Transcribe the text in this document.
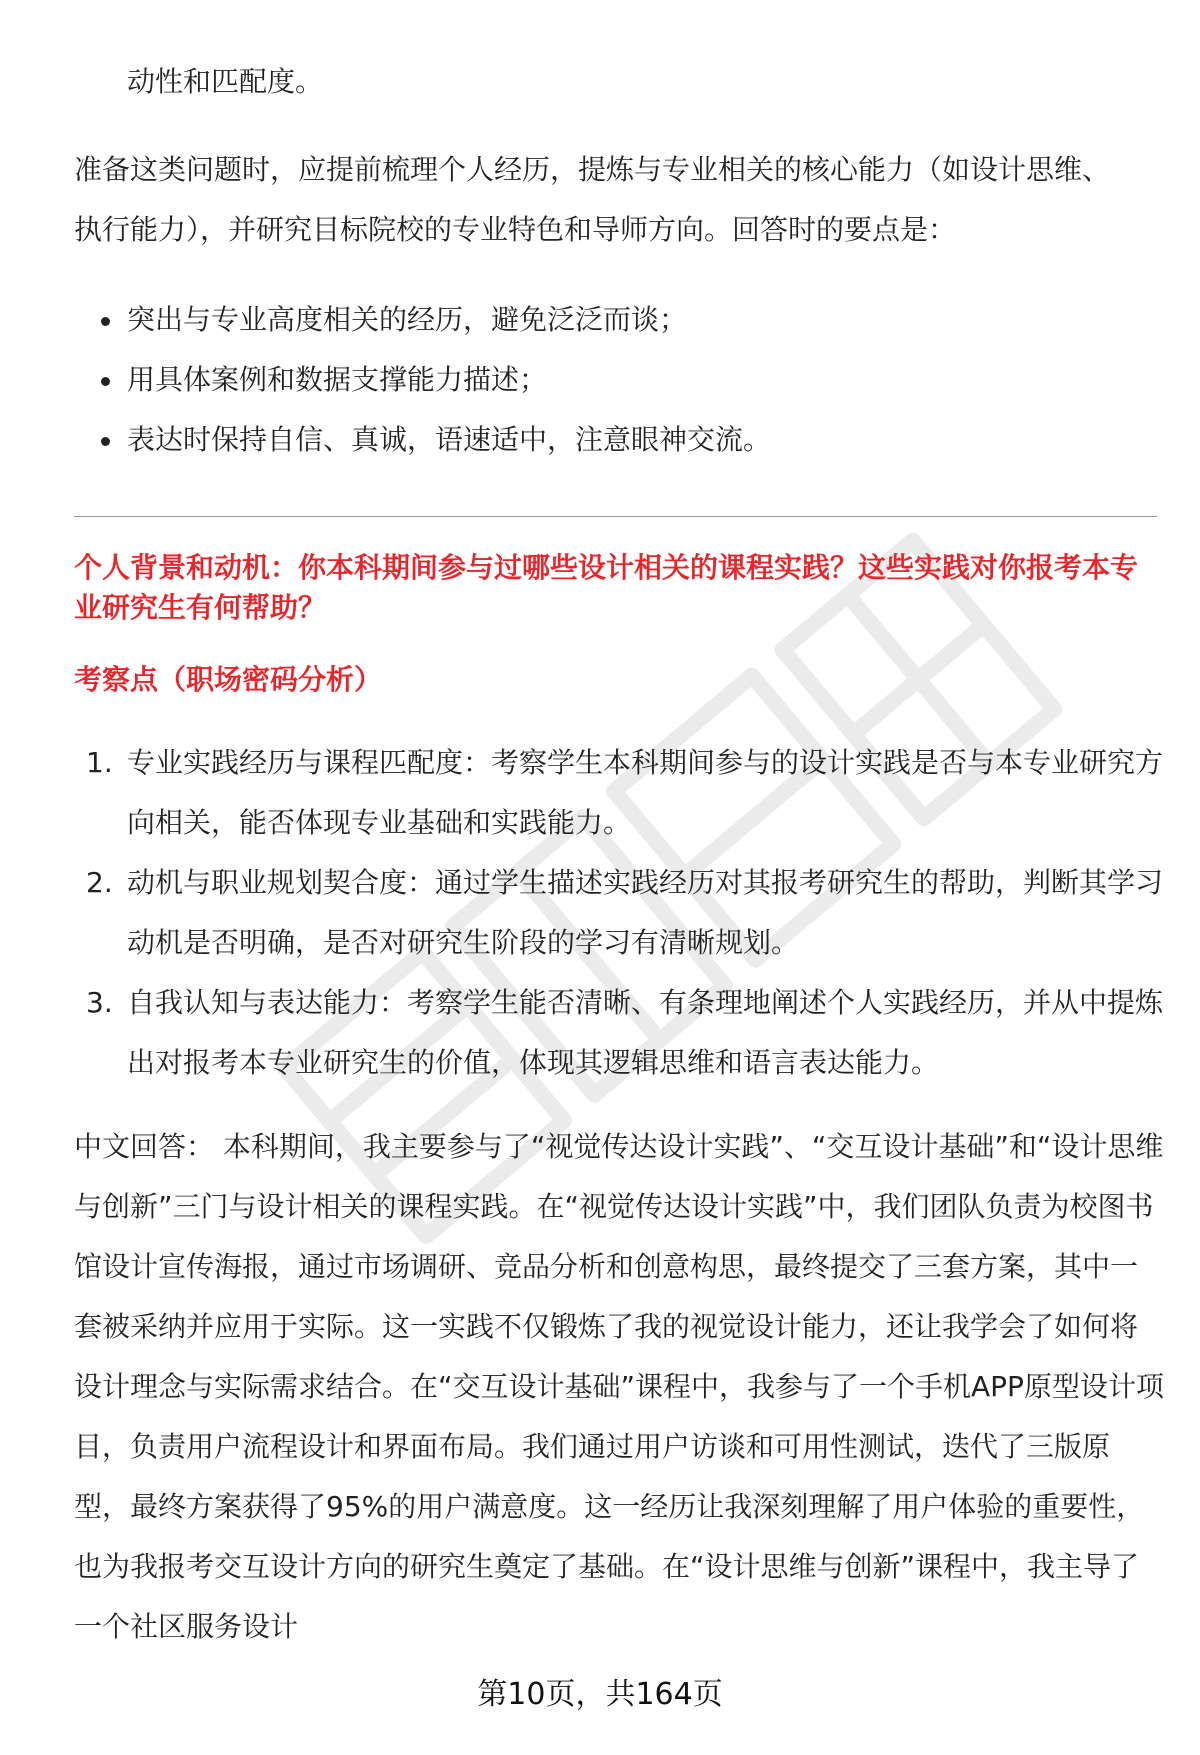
动性和匹配度。

准备这类问题时，应提前梳理个人经历，提炼与专业相关的核心能力（如设计思维、执行能力），并研究目标院校的专业特色和导师方向。回答时的要点是：

突出与专业高度相关的经历，避免泛泛而谈；
用具体案例和数据支撑能力描述；
表达时保持自信、真诚，语速适中，注意眼神交流。

个人背景和动机：你本科期间参与过哪些设计相关的课程实践？这些实践对你报考本专业研究生有何帮助？

考察点（职场密码分析）

1. 专业实践经历与课程匹配度：考察学生本科期间参与的设计实践是否与本专业研究方向相关，能否体现专业基础和实践能力。
2. 动机与职业规划契合度：通过学生描述实践经历对其报考研究生的帮助，判断其学习动机是否明确，是否对研究生阶段的学习有清晰规划。
3. 自我认知与表达能力：考察学生能否清晰、有条理地阐述个人实践经历，并从中提炼出对报考本专业研究生的价值，体现其逻辑思维和语言表达能力。

中文回答： 本科期间，我主要参与了“视觉传达设计实践”、“交互设计基础”和“设计思维与创新”三门与设计相关的课程实践。在“视觉传达设计实践”中，我们团队负责为校图书馆设计宣传海报，通过市场调研、竞品分析和创意构思，最终提交了三套方案，其中一套被采纳并应用于实际。这一实践不仅锻炼了我的视觉设计能力，还让我学会了如何将设计理念与实际需求结合。在“交互设计基础”课程中，我参与了一个手机APP原型设计项目，负责用户流程设计和界面布局。我们通过用户访谈和可用性测试，迭代了三版原型，最终方案获得了95%的用户满意度。这一经历让我深刻理解了用户体验的重要性，也为我报考交互设计方向的研究生奠定了基础。在“设计思维与创新”课程中，我主导了一个社区服务设计

第10页，共164页
